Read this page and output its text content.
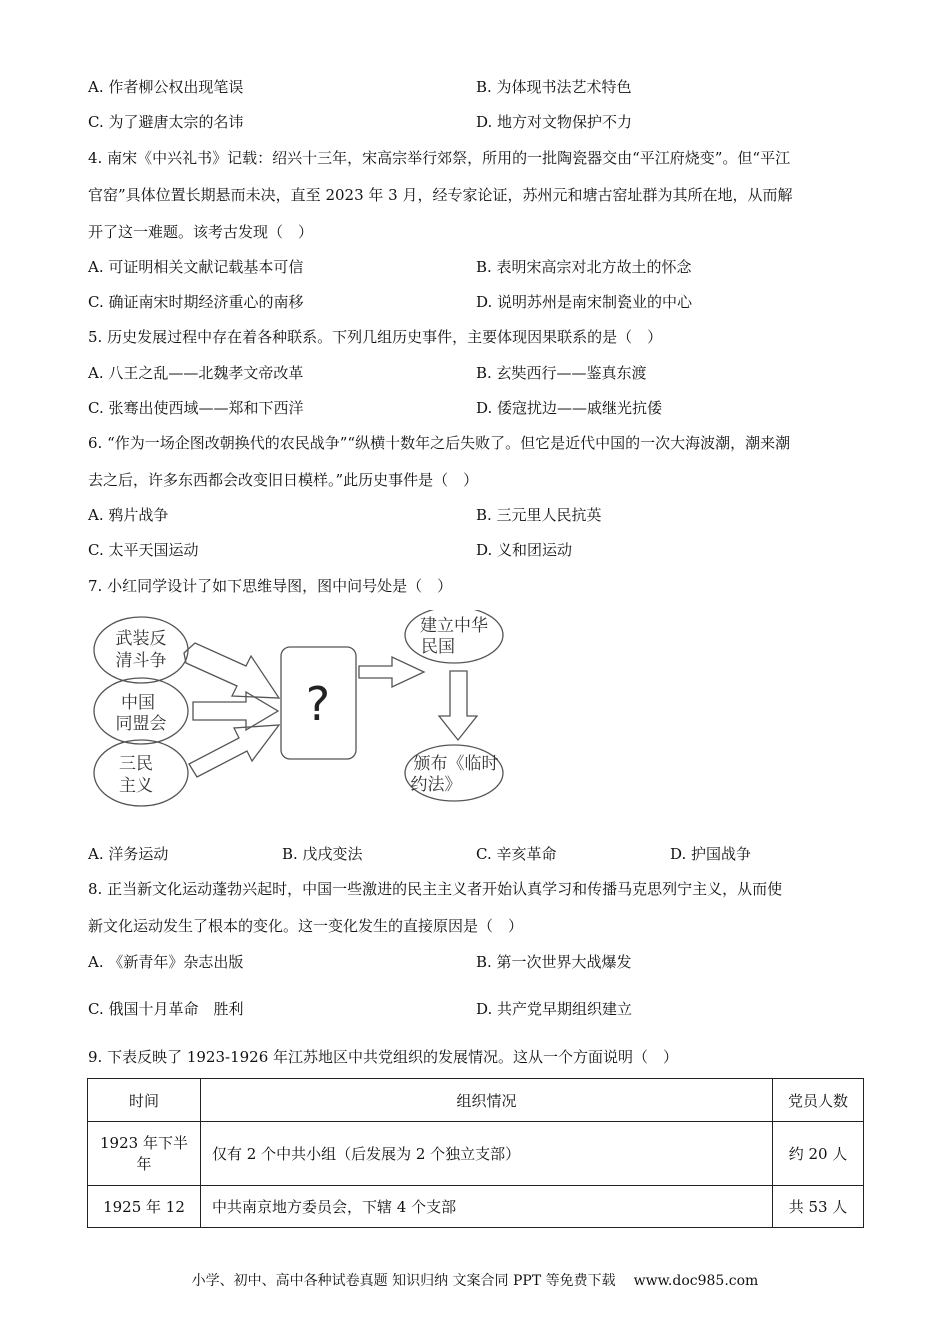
A. 作者柳公权出现笔误	B. 为体现书法艺术特色
C. 为了避唐太宗的名讳	D. 地方对文物保护不力
4. 南宋《中兴礼书》记载：绍兴十三年，宋高宗举行郊祭，所用的一批陶瓷器交由“平江府烧变”。但“平江
官窑”具体位置长期悬而未决，直至 2023 年 3 月，经专家论证，苏州元和塘古窑址群为其所在地，从而解
开了这一难题。该考古发现（　）
A. 可证明相关文献记载基本可信	B. 表明宋高宗对北方故土的怀念
C. 确证南宋时期经济重心的南移	D. 说明苏州是南宋制瓷业的中心
5. 历史发展过程中存在着各种联系。下列几组历史事件，主要体现因果联系的是（　）
A. 八王之乱——北魏孝文帝改革	B. 玄奘西行——鉴真东渡
C. 张骞出使西域——郑和下西洋	D. 倭寇扰边——戚继光抗倭
6. “作为一场企图改朝换代的农民战争”“纵横十数年之后失败了。但它是近代中国的一次大海波潮，潮来潮
去之后，许多东西都会改变旧日模样。”此历史事件是（　）
A. 鸦片战争	B. 三元里人民抗英
C. 太平天国运动	D. 义和团运动
7. 小红同学设计了如下思维导图，图中问号处是（　）
武装反
清斗争
中国
同盟会
三民
主义
?
建立中华
民国
颁布《临时
约法》
A. 洋务运动	B. 戊戌变法	C. 辛亥革命	D. 护国战争
8. 正当新文化运动蓬勃兴起时，中国一些激进的民主主义者开始认真学习和传播马克思列宁主义，从而使
新文化运动发生了根本的变化。这一变化发生的直接原因是（　）
A. 《新青年》杂志出版	B. 第一次世界大战爆发
C. 俄国十月革命　胜利	D. 共产党早期组织建立
9. 下表反映了 1923-1926 年江苏地区中共党组织的发展情况。这从一个方面说明（　）
时间	组织情况	党员人数
1923 年下半
年	仅有 2 个中共小组（后发展为 2 个独立支部）	约 20 人
1925 年 12	中共南京地方委员会，下辖 4 个支部	共 53 人
小学、初中、高中各种试卷真题 知识归纳 文案合同 PPT 等免费下载 www.doc985.com
